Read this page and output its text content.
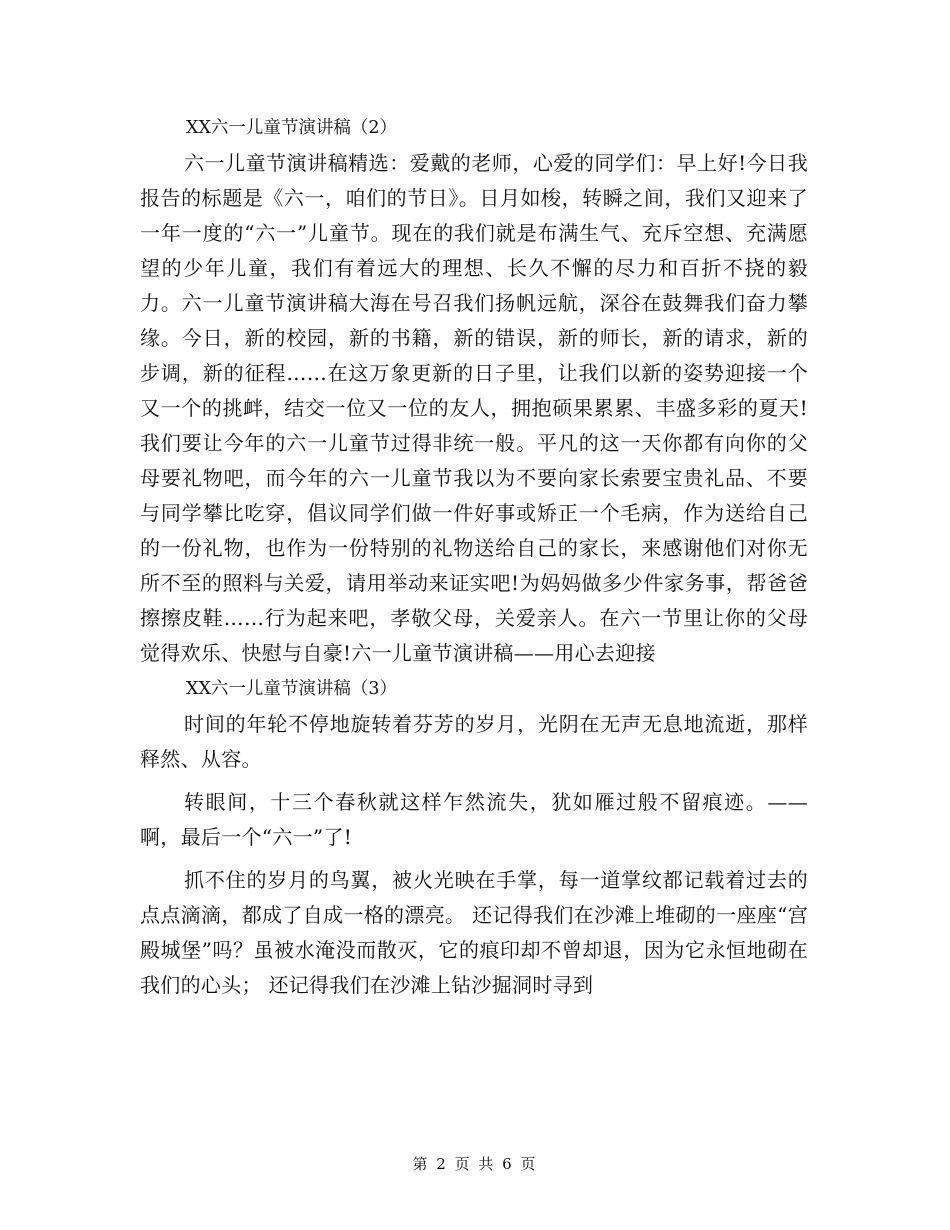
XX六一儿童节演讲稿（2）

六一儿童节演讲稿精选：爱戴的老师，心爱的同学们：早上好!今日我报告的标题是《六一，咱们的节日》。日月如梭，转瞬之间，我们又迎来了一年一度的“六一”儿童节。现在的我们就是布满生气、充斥空想、充满愿望的少年儿童，我们有着远大的理想、长久不懈的尽力和百折不挠的毅力。六一儿童节演讲稿大海在号召我们扬帆远航，深谷在鼓舞我们奋力攀缘。今日，新的校园，新的书籍，新的错误，新的师长，新的请求，新的步调，新的征程……在这万象更新的日子里，让我们以新的姿势迎接一个又一个的挑衅，结交一位又一位的友人，拥抱硕果累累、丰盛多彩的夏天!我们要让今年的六一儿童节过得非统一般。平凡的这一天你都有向你的父母要礼物吧，而今年的六一儿童节我以为不要向家长索要宝贵礼品、不要与同学攀比吃穿，倡议同学们做一件好事或矫正一个毛病，作为送给自己的一份礼物，也作为一份特别的礼物送给自己的家长，来感谢他们对你无所不至的照料与关爱，请用举动来证实吧!为妈妈做多少件家务事，帮爸爸擦擦皮鞋……行为起来吧，孝敬父母，关爱亲人。在六一节里让你的父母觉得欢乐、快慰与自豪!六一儿童节演讲稿——用心去迎接

XX六一儿童节演讲稿（3）

时间的年轮不停地旋转着芬芳的岁月，光阴在无声无息地流逝，那样释然、从容。

转眼间，十三个春秋就这样乍然流失，犹如雁过般不留痕迹。——啊，最后一个“六一”了!

抓不住的岁月的鸟翼，被火光映在手掌，每一道掌纹都记载着过去的点点滴滴，都成了自成一格的漂亮。 还记得我们在沙滩上堆砌的一座座“宫殿城堡”吗？虽被水淹没而散灭，它的痕印却不曾却退，因为它永恒地砌在我们的心头； 还记得我们在沙滩上钻沙掘洞时寻到

第 2 页 共 6 页
